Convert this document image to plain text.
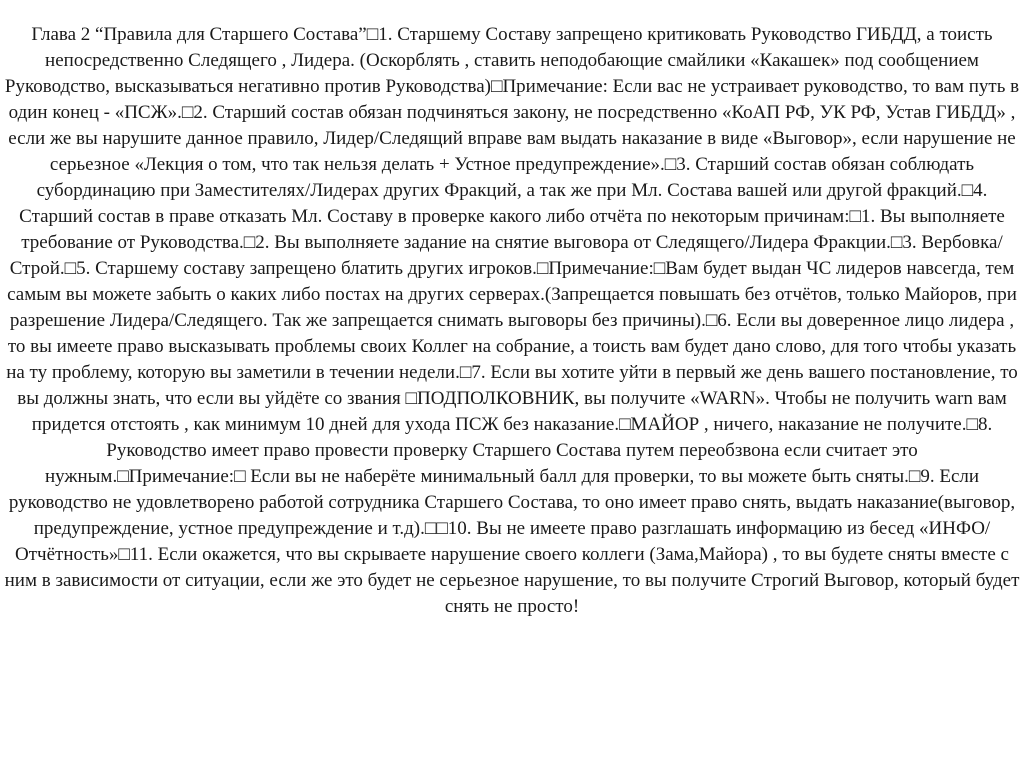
Глава 2 “Правила для Старшего Состава”□1. Старшему Составу запрещено критиковать Руководство ГИБДД, а тоисть непосредственно Следящего , Лидера. (Оскорблять , ставить неподобающие смайлики «Какашек» под сообщением Руководство, высказываться негативно против Руководства)□Примечание: Если вас не устраивает руководство, то вам путь в один конец - «ПСЖ».□2. Старший состав обязан подчиняться закону, не посредственно «КоАП РФ, УК РФ, Устав ГИБДД» , если же вы нарушите данное правило, Лидер/Следящий вправе вам выдать наказание в виде «Выговор», если нарушение не серьезное «Лекция о том, что так нельзя делать + Устное предупреждение».□3. Старший состав обязан соблюдать субординацию при Заместителях/Лидерах других Фракций, а так же при Мл. Состава вашей или другой фракций.□4. Старший состав в праве отказать Мл. Составу в проверке какого либо отчёта по некоторым причинам:□1. Вы выполняете требование от Руководства.□2. Вы выполняете задание на снятие выговора от Следящего/Лидера Фракции.□3. Вербовка/Строй.□5. Старшему составу запрещено блатить других игроков.□Примечание:□Вам будет выдан ЧС лидеров навсегда, тем самым вы можете забыть о каких либо постах на других серверах.(Запрещается повышать без отчётов, только Майоров, при разрешение Лидера/Следящего. Так же запрещается снимать выговоры без причины).□6. Если вы доверенное лицо лидера , то вы имеете право высказывать проблемы своих Коллег на собрание, а тоисть вам будет дано слово, для того чтобы указать на ту проблему, которую вы заметили в течении недели.□7. Если вы хотите уйти в первый же день вашего постановление, то вы должны знать, что если вы уйдёте со звания □ПОДПОЛКОВНИК, вы получите «WARN». Чтобы не получить warn вам придется отстоять , как минимум 10 дней для ухода ПСЖ без наказание.□МАЙОР , ничего, наказание не получите.□8. Руководство имеет право провести проверку Старшего Состава путем переобзвона если считает это нужным.□Примечание:□ Если вы не наберёте минимальный балл для проверки, то вы можете быть сняты.□9. Если руководство не удовлетворено работой сотрудника Старшего Состава, то оно имеет право снять, выдать наказание(выговор, предупреждение, устное предупреждение и т.д).□□10. Вы не имеете право разглашать информацию из бесед «ИНФО/Отчётность»□11. Если окажется, что вы скрываете нарушение своего коллеги (Зама,Майора) , то вы будете сняты вместе с ним в зависимости от ситуации, если же это будет не серьезное нарушение, то вы получите Строгий Выговор, который будет снять не просто!
